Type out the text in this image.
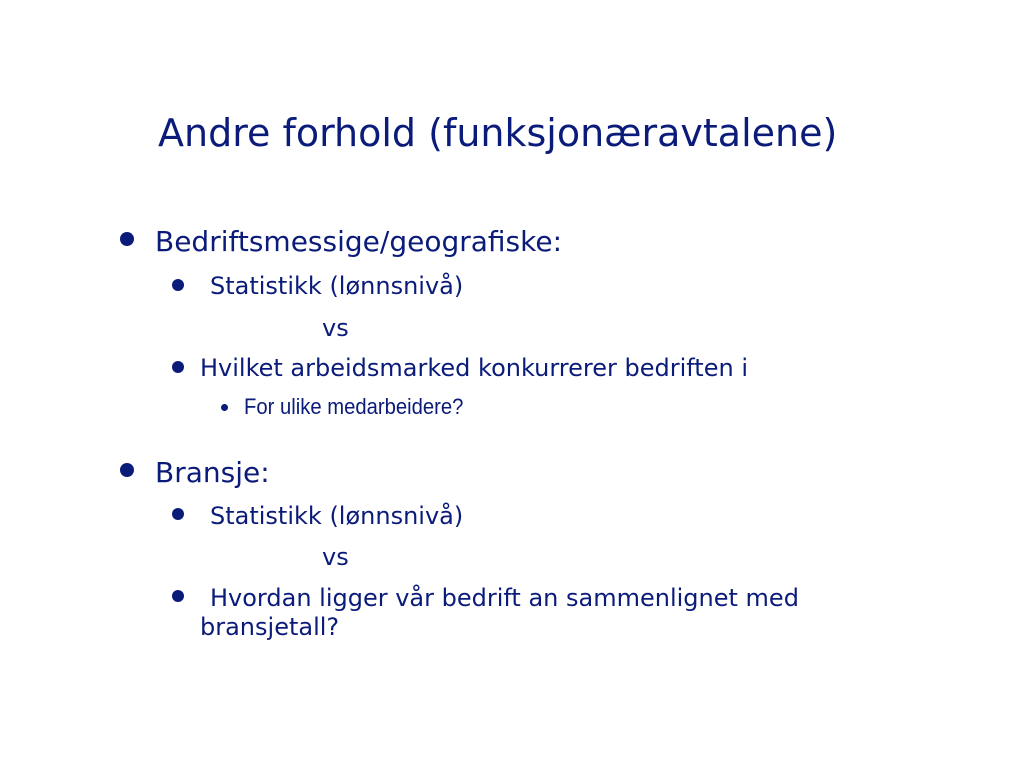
Andre forhold (funksjonæravtalene)
Bedriftsmessige/geografiske:
Statistikk (lønnsnivå)
vs
Hvilket arbeidsmarked konkurrerer bedriften i
For ulike medarbeidere?
Bransje:
Statistikk (lønnsnivå)
vs
Hvordan ligger vår bedrift an sammenlignet med
bransjetall?
